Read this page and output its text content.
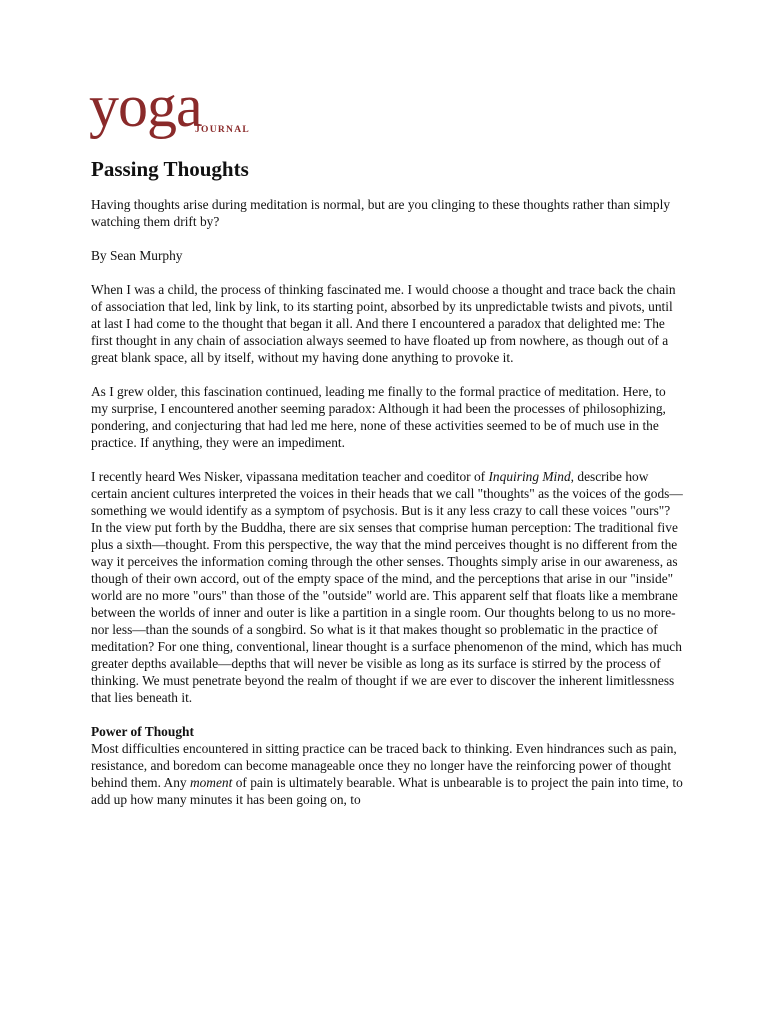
yoga
JOURNAL
Passing Thoughts

Having thoughts arise during meditation is normal, but are you clinging to these thoughts rather than simply watching them drift by?

By Sean Murphy

When I was a child, the process of thinking fascinated me. I would choose a thought and trace back the chain of association that led, link by link, to its starting point, absorbed by its unpredictable twists and pivots, until at last I had come to the thought that began it all. And there I encountered a paradox that delighted me: The first thought in any chain of association always seemed to have floated up from nowhere, as though out of a great blank space, all by itself, without my having done anything to provoke it.

As I grew older, this fascination continued, leading me finally to the formal practice of meditation. Here, to my surprise, I encountered another seeming paradox: Although it had been the processes of philosophizing, pondering, and conjecturing that had led me here, none of these activities seemed to be of much use in the practice. If anything, they were an impediment.

I recently heard Wes Nisker, vipassana meditation teacher and coeditor of Inquiring Mind, describe how certain ancient cultures interpreted the voices in their heads that we call "thoughts" as the voices of the gods—something we would identify as a symptom of psychosis. But is it any less crazy to call these voices "ours"? In the view put forth by the Buddha, there are six senses that comprise human perception: The traditional five plus a sixth—thought. From this perspective, the way that the mind perceives thought is no different from the way it perceives the information coming through the other senses. Thoughts simply arise in our awareness, as though of their own accord, out of the empty space of the mind, and the perceptions that arise in our "inside" world are no more "ours" than those of the "outside" world are. This apparent self that floats like a membrane between the worlds of inner and outer is like a partition in a single room. Our thoughts belong to us no more-nor less—than the sounds of a songbird. So what is it that makes thought so problematic in the practice of meditation? For one thing, conventional, linear thought is a surface phenomenon of the mind, which has much greater depths available—depths that will never be visible as long as its surface is stirred by the process of thinking. We must penetrate beyond the realm of thought if we are ever to discover the inherent limitlessness that lies beneath it.

Power of Thought

Most difficulties encountered in sitting practice can be traced back to thinking. Even hindrances such as pain, resistance, and boredom can become manageable once they no longer have the reinforcing power of thought behind them. Any moment of pain is ultimately bearable. What is unbearable is to project the pain into time, to add up how many minutes it has been going on, to
